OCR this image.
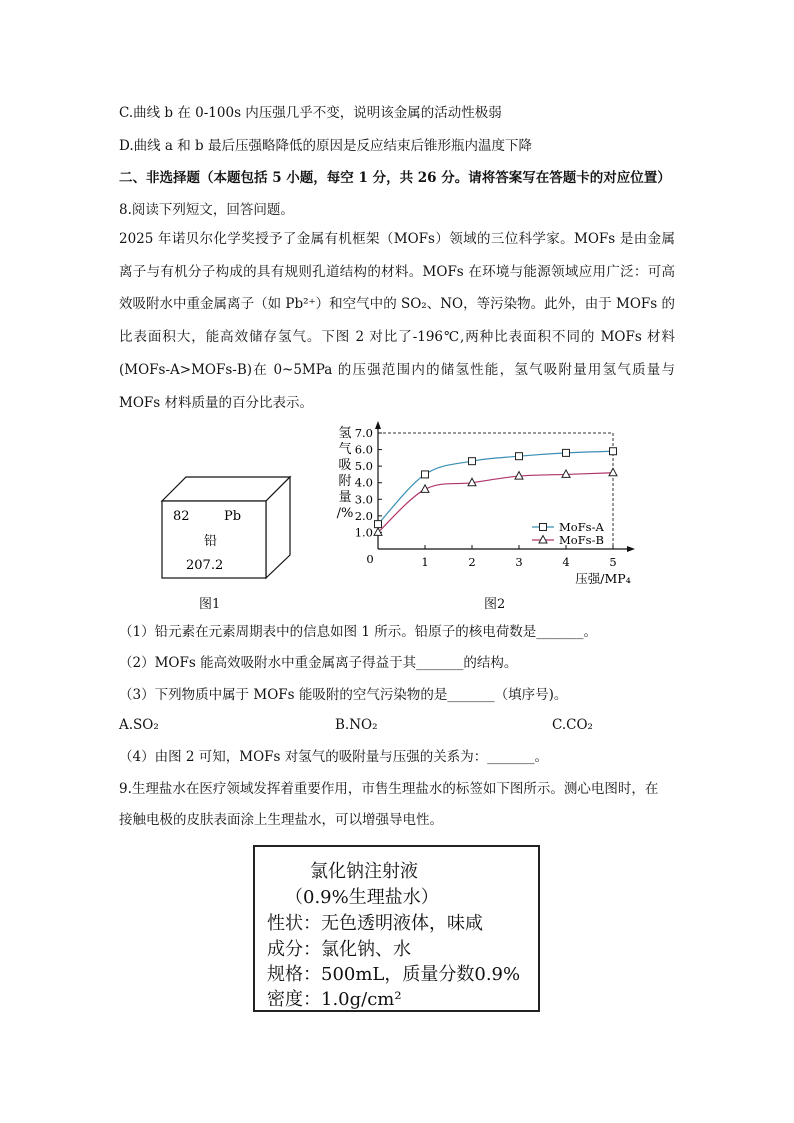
C.曲线 b 在 0-100s 内压强几乎不变，说明该金属的活动性极弱
D.曲线 a 和 b 最后压强略降低的原因是反应结束后锥形瓶内温度下降
二、非选择题（本题包括 5 小题，每空 1 分，共 26 分。请将答案写在答题卡的对应位置）
8.阅读下列短文，回答问题。
2025 年诺贝尔化学奖授予了金属有机框架（MOFs）领域的三位科学家。MOFs 是由金属离子与有机分子构成的具有规则孔道结构的材料。MOFs 在环境与能源领域应用广泛：可高效吸附水中重金属离子（如 Pb²⁺）和空气中的 SO₂、NO，等污染物。此外，由于 MOFs 的比表面积大，能高效储存氢气。下图 2 对比了-196℃,两种比表面积不同的 MOFs 材料(MOFs-A>MOFs-B)在 0~5MPa 的压强范围内的储氢性能，氢气吸附量用氢气质量与 MOFs 材料质量的百分比表示。
82	Pb
铅
207.2
图1
1.0
2.0
3.0
4.0
5.0
6.0
7.0
1	2	3	4	5
0
氢
气
吸
附
量
/%
压强/MP₄
MoFs-A
MoFs-B
图2
（1）铅元素在元素周期表中的信息如图 1 所示。铅原子的核电荷数是_______。
（2）MOFs 能高效吸附水中重金属离子得益于其_______的结构。
（3）下列物质中属于 MOFs 能吸附的空气污染物的是_______（填序号)。
A.SO₂	B.NO₂	C.CO₂
（4）由图 2 可知，MOFs 对氢气的吸附量与压强的关系为：_______。
9.生理盐水在医疗领域发挥着重要作用，市售生理盐水的标签如下图所示。测心电图时，在
接触电极的皮肤表面涂上生理盐水，可以增强导电性。
氯化钠注射液
（0.9%生理盐水）
性状：无色透明液体，味咸
成分：氯化钠、水
规格：500mL，质量分数0.9%
密度：1.0g/cm²
